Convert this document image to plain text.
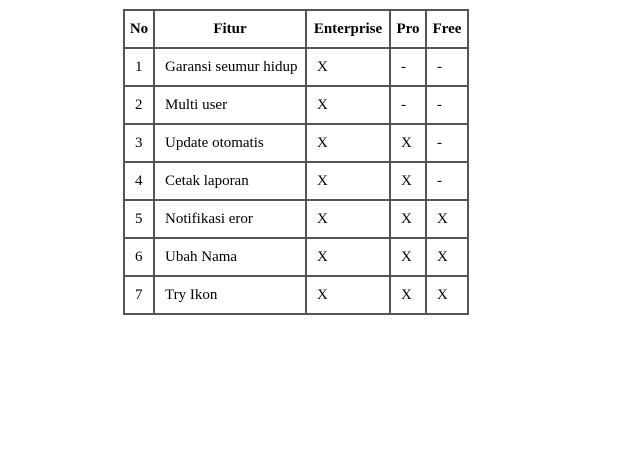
No	Fitur	Enterprise	Pro	Free
1	Garansi seumur hidup	X	-	-
2	Multi user	X	-	-
3	Update otomatis	X	X	-
4	Cetak laporan	X	X	-
5	Notifikasi eror	X	X	X
6	Ubah Nama	X	X	X
7	Try Ikon	X	X	X
